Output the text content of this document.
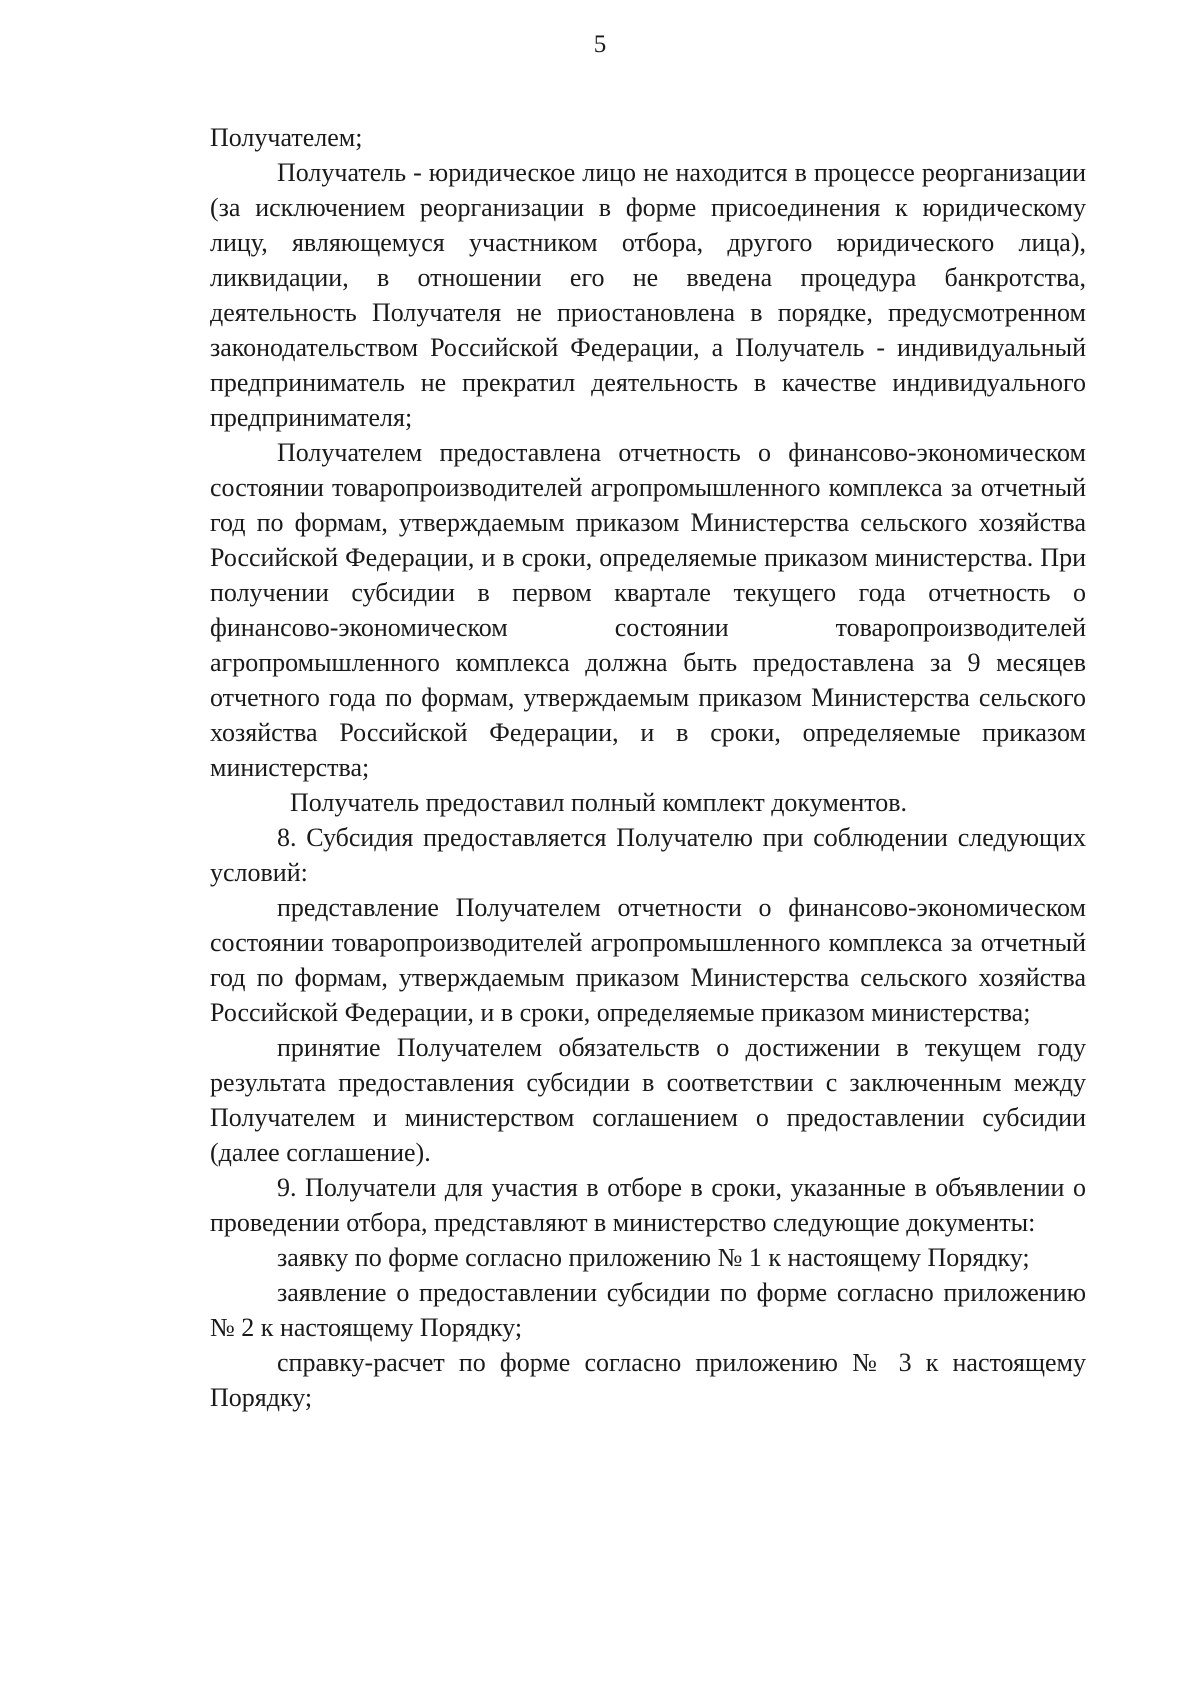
5

Получателем;

Получатель - юридическое лицо не находится в процессе реорганизации (за исключением реорганизации в форме присоединения к юридическому лицу, являющемуся участником отбора, другого юридического лица), ликвидации, в отношении его не введена процедура банкротства, деятельность Получателя не приостановлена в порядке, предусмотренном законодательством Российской Федерации, а Получатель - индивидуальный предприниматель не прекратил деятельность в качестве индивидуального предпринимателя;

Получателем предоставлена отчетность о финансово-экономическом состоянии товаропроизводителей агропромышленного комплекса за отчетный год по формам, утверждаемым приказом Министерства сельского хозяйства Российской Федерации, и в сроки, определяемые приказом министерства. При получении субсидии в первом квартале текущего года отчетность о финансово-экономическом состоянии товаропроизводителей агропромышленного комплекса должна быть предоставлена за 9 месяцев отчетного года по формам, утверждаемым приказом Министерства сельского хозяйства Российской Федерации, и в сроки, определяемые приказом министерства;

Получатель предоставил полный комплект документов.

8. Субсидия предоставляется Получателю при соблюдении следующих условий:

представление Получателем отчетности о финансово-экономическом состоянии товаропроизводителей агропромышленного комплекса за отчетный год по формам, утверждаемым приказом Министерства сельского хозяйства Российской Федерации, и в сроки, определяемые приказом министерства;

принятие Получателем обязательств о достижении в текущем году результата предоставления субсидии в соответствии с заключенным между Получателем и министерством соглашением о предоставлении субсидии (далее соглашение).

9. Получатели для участия в отборе в сроки, указанные в объявлении о проведении отбора, представляют в министерство следующие документы:

заявку по форме согласно приложению № 1 к настоящему Порядку;

заявление о предоставлении субсидии по форме согласно приложению № 2 к настоящему Порядку;

справку-расчет по форме согласно приложению № 3 к настоящему Порядку;
